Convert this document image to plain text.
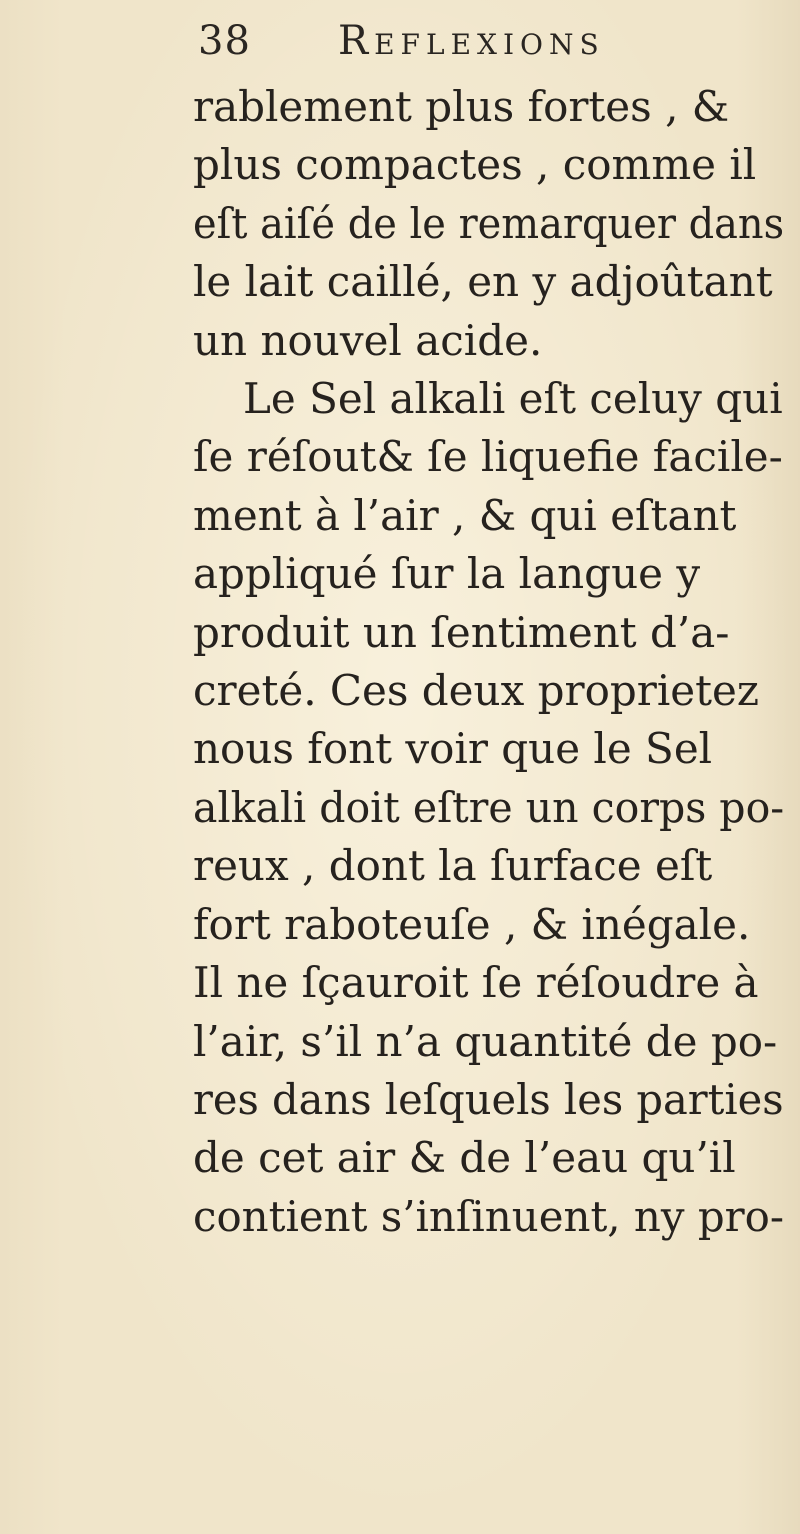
38	Reflexions
rablement plus fortes , &
plus compactes , comme il
eſt aiſé de le remarquer dans
le lait caillé, en y adjoûtant
un nouvel acide.
Le Sel alkali eſt celuy qui
ſe réſout& ſe liquefie facile-
ment à l’air , & qui eſtant
appliqué ſur la langue y
produit un ſentiment d’a-
creté. Ces deux proprietez
nous font voir que le Sel
alkali doit eſtre un corps po-
reux , dont la ſurface eſt
fort raboteuſe , & inégale.
Il ne ſçauroit ſe réſoudre à
l’air, s’il n’a quantité de po-
res dans leſquels les parties
de cet air & de l’eau qu’il
contient s’inſinuent, ny pro-
